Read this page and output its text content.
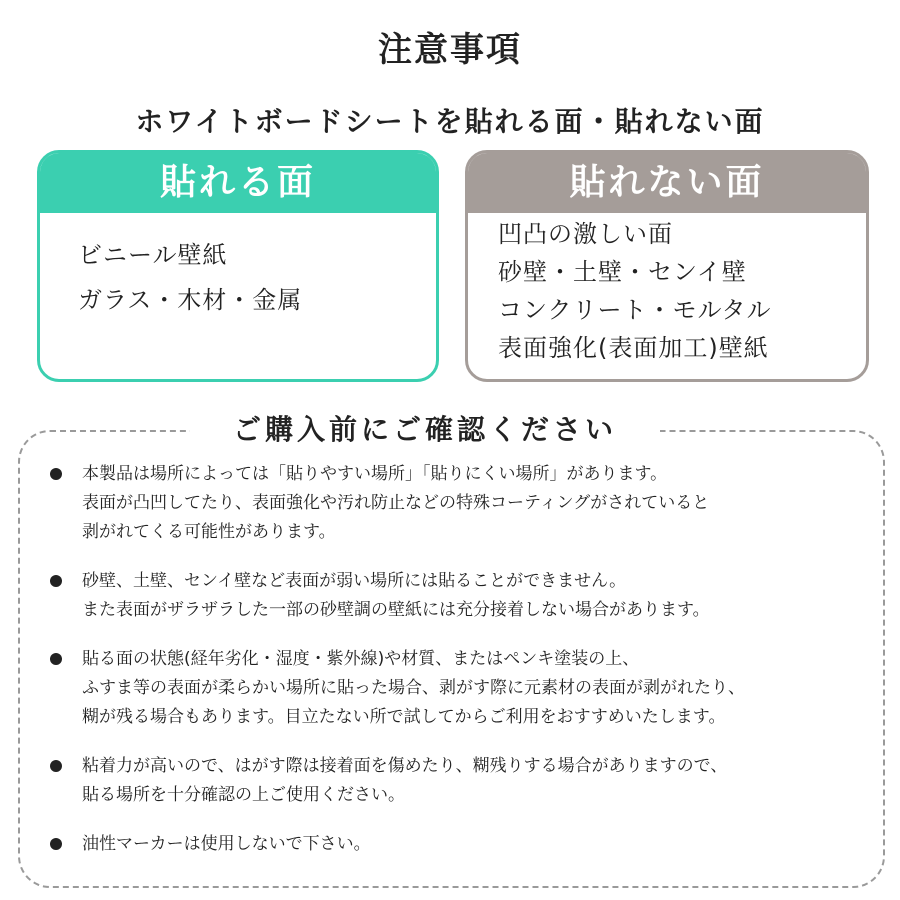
注意事項
ホワイトボードシートを貼れる面・貼れない面
貼れる面
ビニール壁紙
ガラス・木材・金属
貼れない面
凹凸の激しい面
砂壁・土壁・センイ壁
コンクリート・モルタル
表面強化(表面加工)壁紙
ご購入前にご確認ください
本製品は場所によっては「貼りやすい場所」「貼りにくい場所」があります。
表面が凸凹してたり、表面強化や汚れ防止などの特殊コーティングがされていると
剥がれてくる可能性があります。
砂壁、土壁、センイ壁など表面が弱い場所には貼ることができません。
また表面がザラザラした一部の砂壁調の壁紙には充分接着しない場合があります。
貼る面の状態(経年劣化・湿度・紫外線)や材質、またはペンキ塗装の上、
ふすま等の表面が柔らかい場所に貼った場合、剥がす際に元素材の表面が剥がれたり、
糊が残る場合もあります。目立たない所で試してからご利用をおすすめいたします。
粘着力が高いので、はがす際は接着面を傷めたり、糊残りする場合がありますので、
貼る場所を十分確認の上ご使用ください。
油性マーカーは使用しないで下さい。
